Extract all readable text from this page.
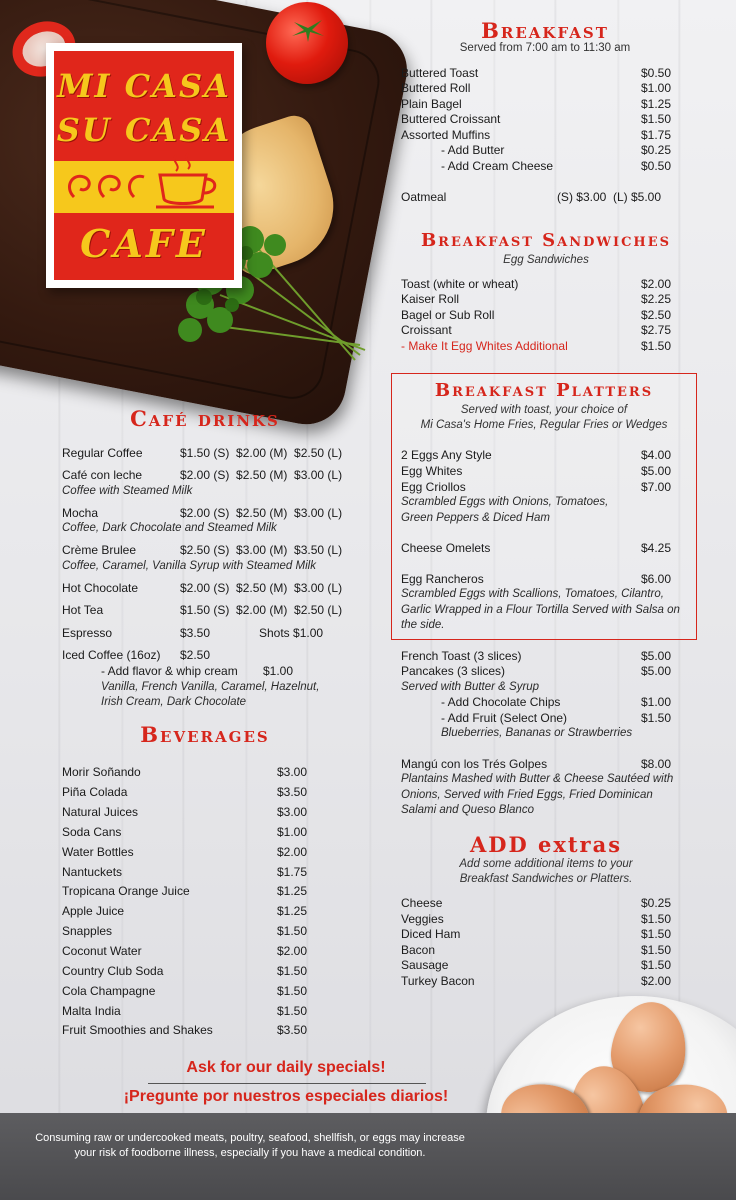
MI CASA
SU CASA
CAFE
Breakfast
Served from 7:00 am to 11:30 am
Buttered Toast	$0.50
Buttered Roll	$1.00
Plain Bagel	$1.25
Buttered Croissant	$1.50
Assorted Muffins	$1.75
- Add Butter	$0.25
- Add Cream Cheese	$0.50
Oatmeal	(S) $3.00  (L) $5.00
Breakfast Sandwiches
Egg Sandwiches
Toast (white or wheat)	$2.00
Kaiser Roll	$2.25
Bagel or Sub Roll	$2.50
Croissant	$2.75
- Make It Egg Whites Additional	$1.50
Breakfast Platters
Served with toast, your choice of
Mi Casa's Home Fries, Regular Fries or Wedges
2 Eggs Any Style	$4.00
Egg Whites	$5.00
Egg Criollos	$7.00
Scrambled Eggs with Onions, Tomatoes,
Green Peppers & Diced Ham
Cheese Omelets	$4.25
Egg Rancheros	$6.00
Scrambled Eggs with Scallions, Tomatoes, Cilantro,
Garlic Wrapped in a Flour Tortilla Served with Salsa on
the side.
French Toast (3 slices)	$5.00
Pancakes (3 slices)	$5.00
Served with Butter & Syrup
- Add Chocolate Chips	$1.00
- Add Fruit (Select One)	$1.50
Blueberries, Bananas or Strawberries
Mangú con los Trés Golpes	$8.00
Plantains Mashed with Butter & Cheese Sautéed with
Onions, Served with Fried Eggs, Fried Dominican
Salami and Queso Blanco
ADD extras
Add some additional items to your
Breakfast Sandwiches or Platters.
Cheese	$0.25
Veggies	$1.50
Diced Ham	$1.50
Bacon	$1.50
Sausage	$1.50
Turkey Bacon	$2.00
Café drinks
Regular Coffee	$1.50 (S)  $2.00 (M)  $2.50 (L)
Café con leche	$2.00 (S)  $2.50 (M)  $3.00 (L)
Coffee with Steamed Milk
Mocha	$2.00 (S)  $2.50 (M)  $3.00 (L)
Coffee, Dark Chocolate and Steamed Milk
Crème Brulee	$2.50 (S)  $3.00 (M)  $3.50 (L)
Coffee, Caramel, Vanilla Syrup with Steamed Milk
Hot Chocolate	$2.00 (S)  $2.50 (M)  $3.00 (L)
Hot Tea	$1.50 (S)  $2.00 (M)  $2.50 (L)
Espresso	$3.50	Shots $1.00
Iced Coffee (16oz)	$2.50
- Add flavor & whip cream	$1.00
Vanilla, French Vanilla, Caramel, Hazelnut,
Irish Cream, Dark Chocolate
Beverages
Morir Soñando	$3.00
Piña Colada	$3.50
Natural Juices	$3.00
Soda Cans	$1.00
Water Bottles	$2.00
Nantuckets	$1.75
Tropicana Orange Juice	$1.25
Apple Juice	$1.25
Snapples	$1.50
Coconut Water	$2.00
Country Club Soda	$1.50
Cola Champagne	$1.50
Malta India	$1.50
Fruit Smoothies and Shakes	$3.50
Ask for our daily specials!
¡Pregunte por nuestros especiales diarios!
Consuming raw or undercooked meats, poultry, seafood, shellfish, or eggs may increase
your risk of foodborne illness, especially if you have a medical condition.
